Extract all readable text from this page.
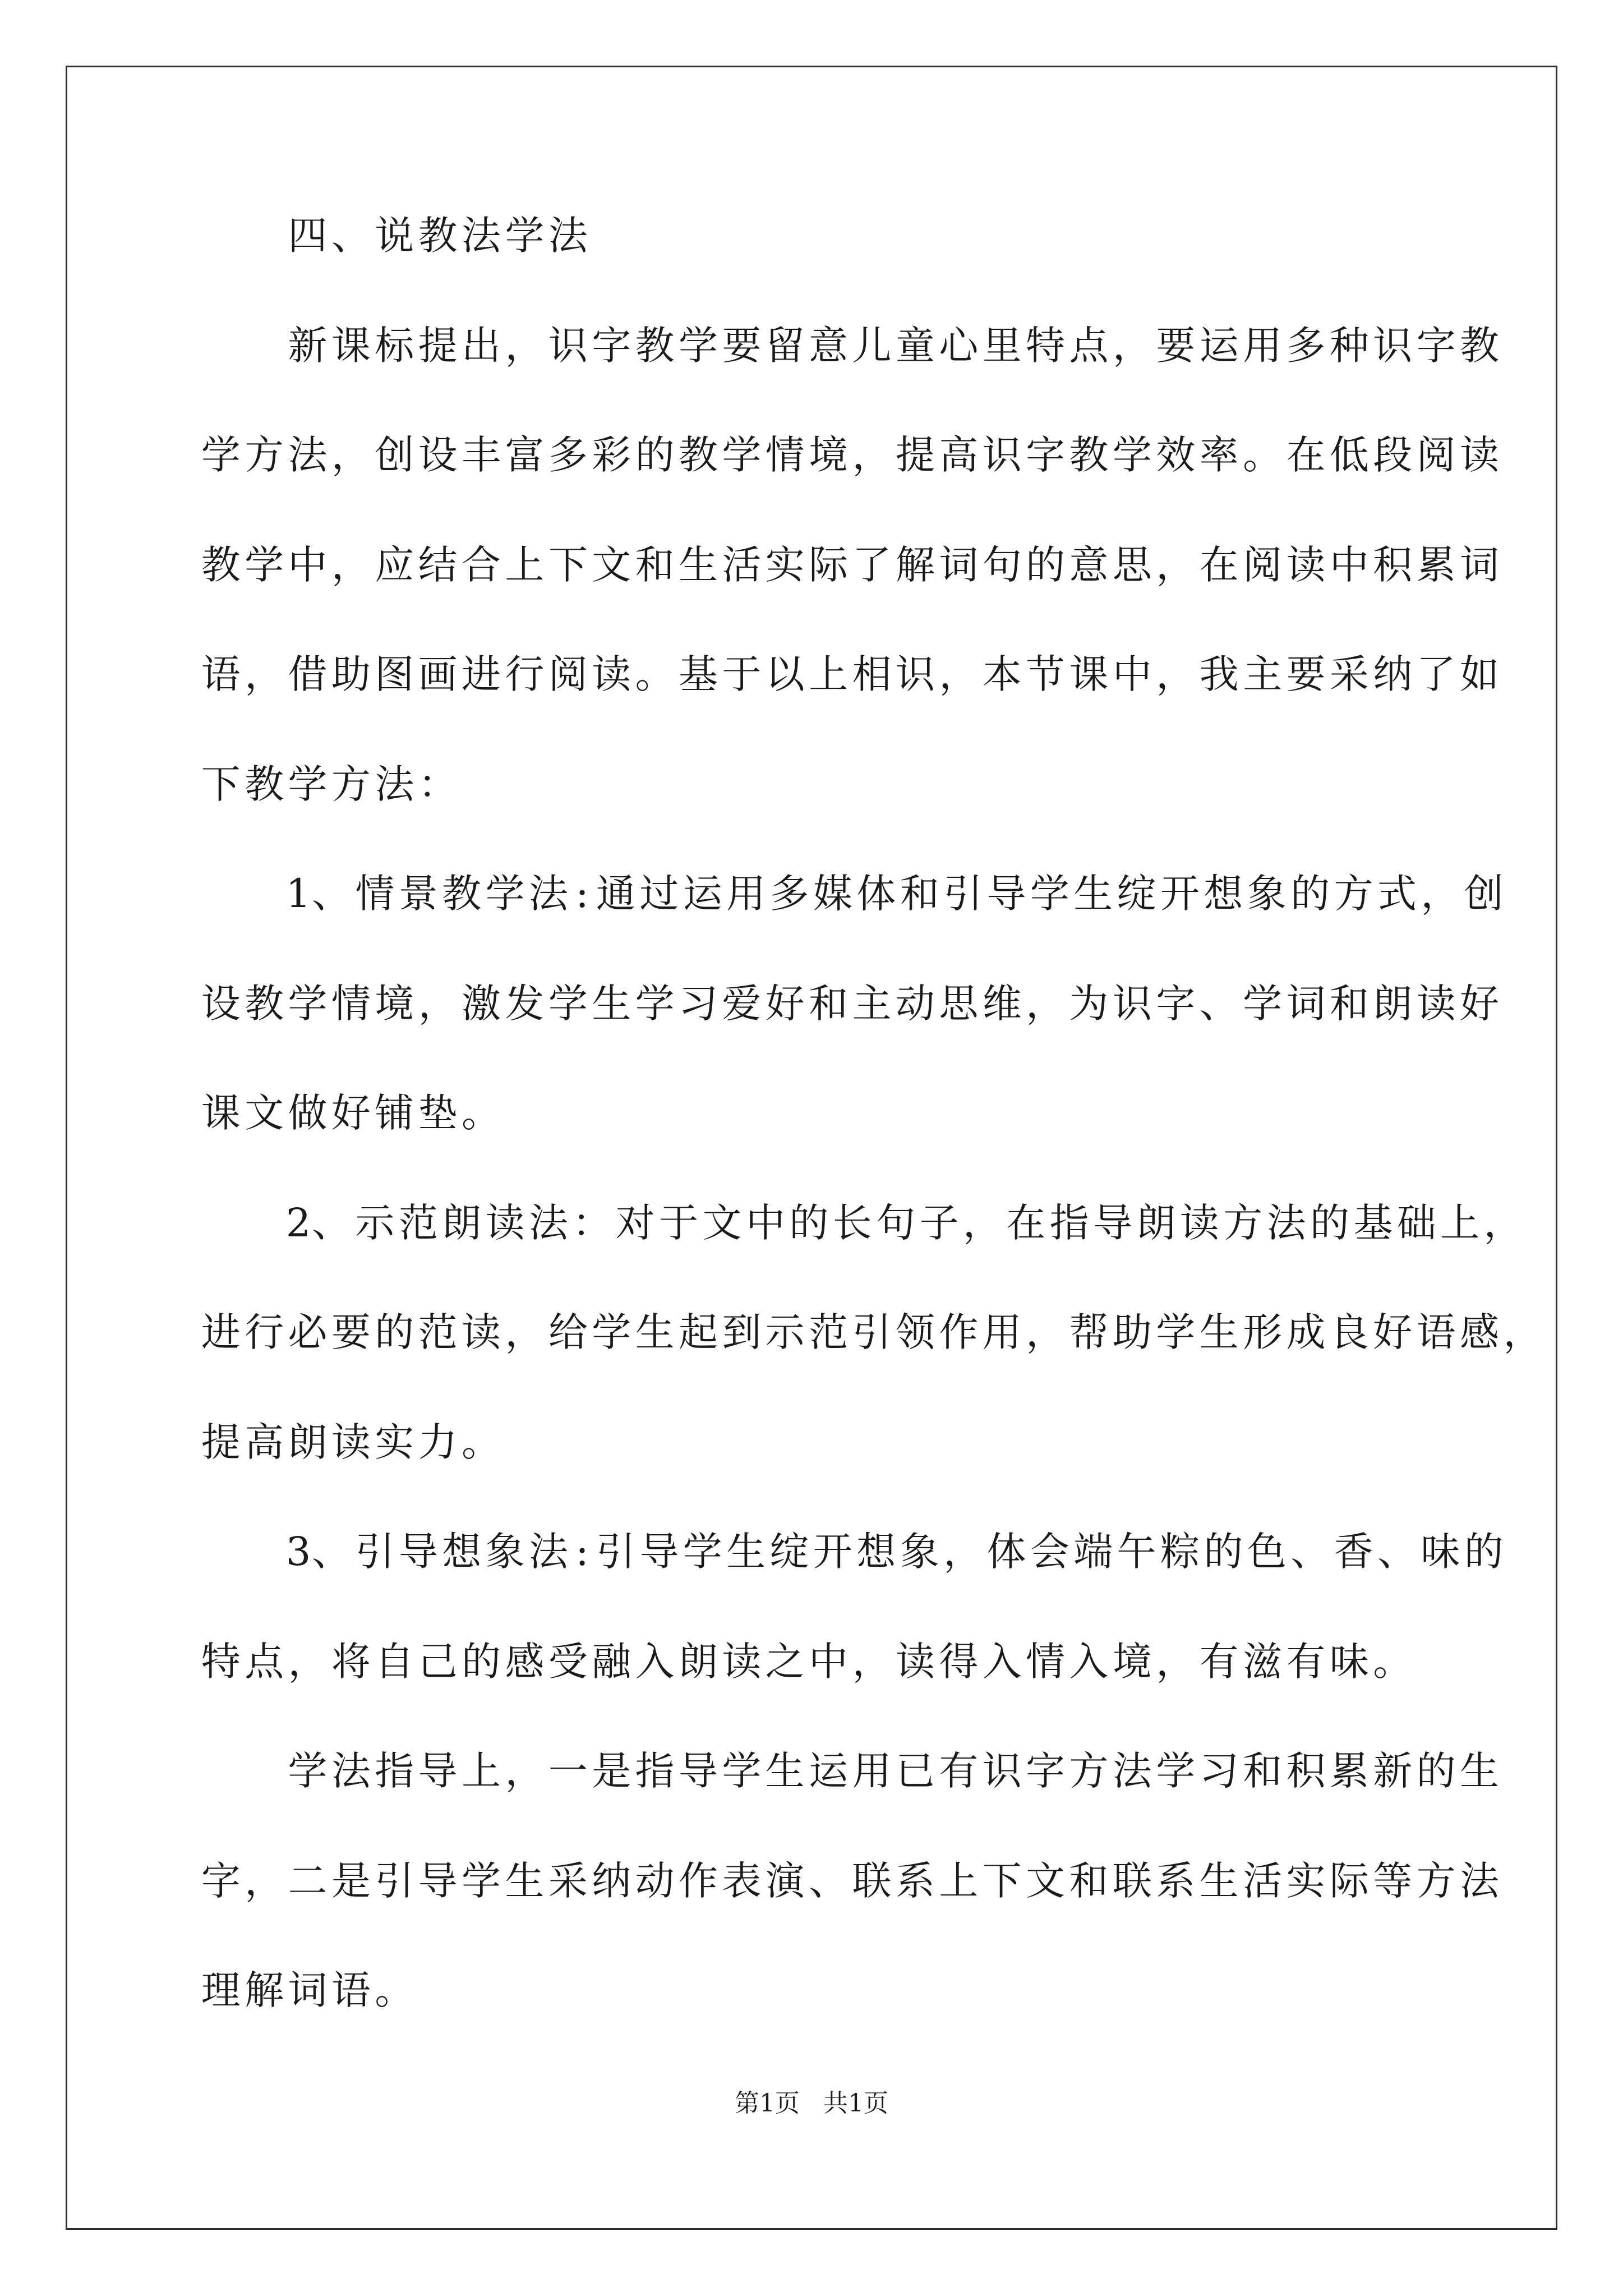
四 、 说 教 法 学 法
新 课 标 提 出 ， 识 字 教 学 要 留 意 儿 童 心 里 特 点 ， 要 运 用 多 种 识 字 教
学 方 法 ， 创 设 丰 富 多 彩 的 教 学 情 境 ， 提 高 识 字 教 学 效 率 。 在 低 段 阅 读
教 学 中 ， 应 结 合 上 下 文 和 生 活 实 际 了 解 词 句 的 意 思 ， 在 阅 读 中 积 累 词
语 ， 借 助 图 画 进 行 阅 读 。 基 于 以 上 相 识 ， 本 节 课 中 ， 我 主 要 采 纳 了 如
下 教 学 方 法 ：
1、 情 景 教 学 法 : 通 过 运 用 多 媒 体 和 引 导 学 生 绽 开 想 象 的 方 式 ， 创
设 教 学 情 境 ， 激 发 学 生 学 习 爱 好 和 主 动 思 维 ， 为 识 字 、 学 词 和 朗 读 好
课 文 做 好 铺 垫 。
2、 示 范 朗 读 法 ： 对 于 文 中 的 长 句 子 ， 在 指 导 朗 读 方 法 的 基 础 上 ，
进 行 必 要 的 范 读 ， 给 学 生 起 到 示 范 引 领 作 用 ， 帮 助 学 生 形 成 良 好 语 感 ，
提 高 朗 读 实 力 。
3、 引 导 想 象 法 : 引 导 学 生 绽 开 想 象 ， 体 会 端 午 粽 的 色 、 香 、 味 的
特 点 ， 将 自 己 的 感 受 融 入 朗 读 之 中 ， 读 得 入 情 入 境 ， 有 滋 有 味 。
学 法 指 导 上 ， 一 是 指 导 学 生 运 用 已 有 识 字 方 法 学 习 和 积 累 新 的 生
字 ， 二 是 引 导 学 生 采 纳 动 作 表 演 、 联 系 上 下 文 和 联 系 生 活 实 际 等 方 法
理 解 词 语 。
第1页 共1页
